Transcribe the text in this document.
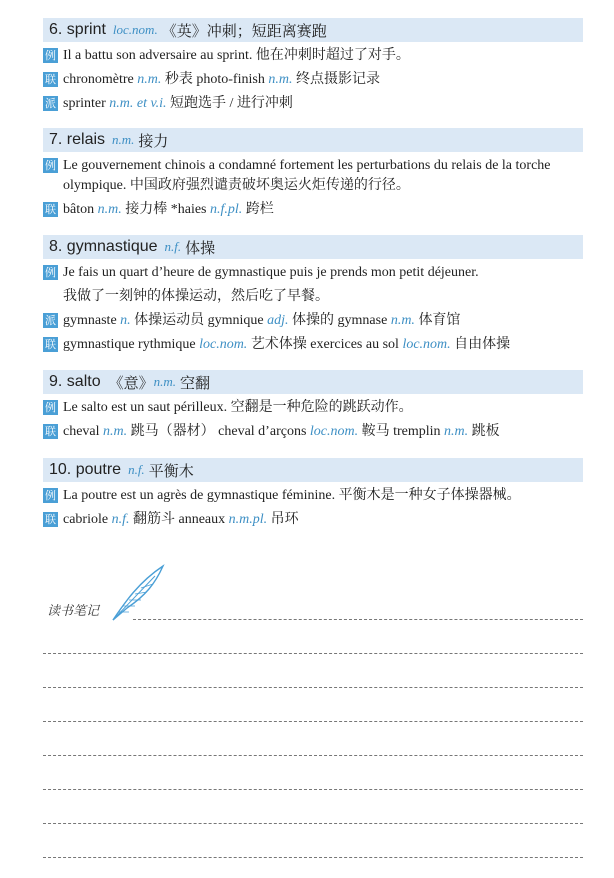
6. sprint loc.nom. 《英》冲刺；短距离赛跑
例 Il a battu son adversaire au sprint. 他在冲刺时超过了对手。
联 chronomètre n.m. 秒表 photo-finish n.m. 终点摄影记录
派 sprinter n.m. et v.i. 短跑选手 / 进行冲刺
7. relais n.m. 接力
例 Le gouvernement chinois a condamné fortement les perturbations du relais de la torche olympique. 中国政府强烈谴责破坏奥运火炬传递的行径。
联 bâton n.m. 接力棒 *haies n.f.pl. 跨栏
8. gymnastique n.f. 体操
例 Je fais un quart d’heure de gymnastique puis je prends mon petit déjeuner.
我做了一刻钟的体操运动，然后吃了早餐。
派 gymnaste n. 体操运动员 gymnique adj. 体操的 gymnase n.m. 体育馆
联 gymnastique rythmique loc.nom. 艺术体操 exercices au sol loc.nom. 自由体操
9. salto 《意》 n.m. 空翻
例 Le salto est un saut périlleux. 空翻是一种危险的跳跃动作。
联 cheval n.m. 跳马（器材） cheval d’arçons loc.nom. 鞍马 tremplin n.m. 跳板
10. poutre n.f. 平衡木
例 La poutre est un agrès de gymnastique féminine. 平衡木是一种女子体操器械。
联 cabriole n.f. 翻筋斗 anneaux n.m.pl. 吊环
读书笔记
